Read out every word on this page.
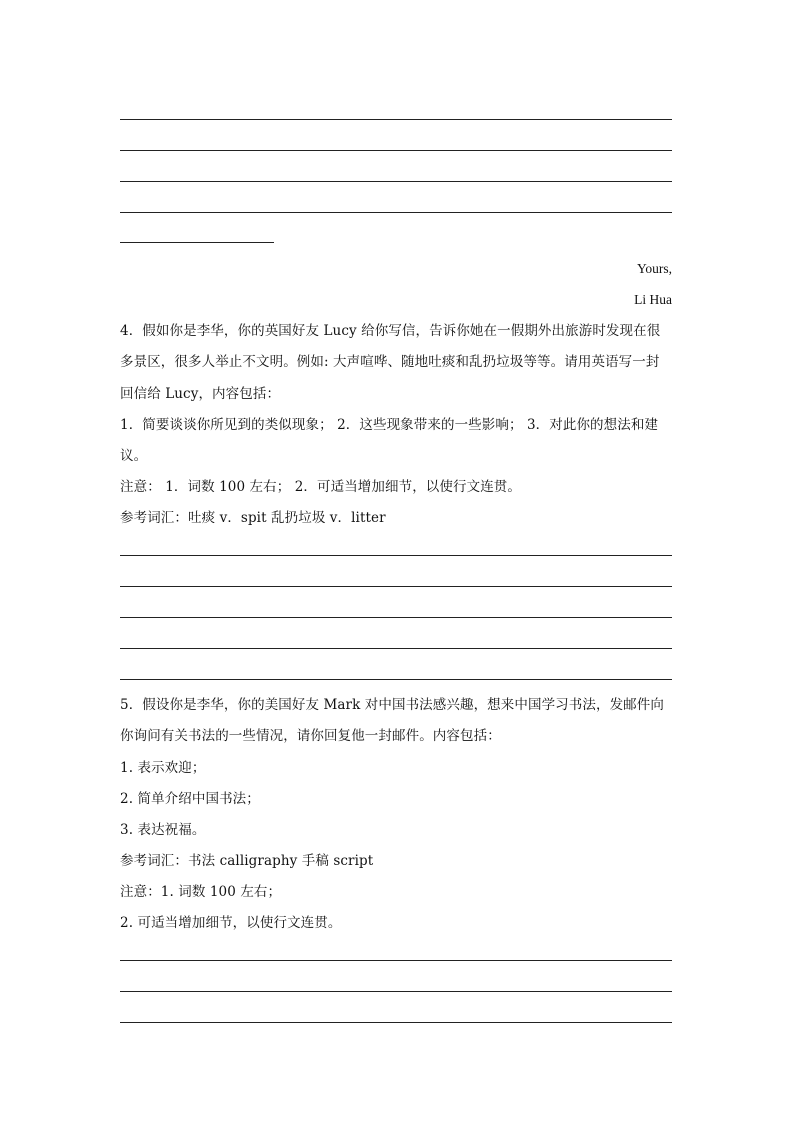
Yours,
Li Hua
4．假如你是李华，你的英国好友 Lucy 给你写信，告诉你她在一假期外出旅游时发现在很
多景区，很多人举止不文明。例如: 大声喧哗、随地吐痰和乱扔垃圾等等。请用英语写一封
回信给 Lucy，内容包括：
1．简要谈谈你所见到的类似现象； 2．这些现象带来的一些影响； 3．对此你的想法和建
议。
注意： 1．词数 100 左右； 2．可适当增加细节，以使行文连贯。
参考词汇：吐痰 v．spit 乱扔垃圾 v．litter
5．假设你是李华，你的美国好友 Mark 对中国书法感兴趣，想来中国学习书法，发邮件向
你询问有关书法的一些情况，请你回复他一封邮件。内容包括：
1. 表示欢迎；
2. 简单介绍中国书法；
3. 表达祝福。
参考词汇：书法 calligraphy 手稿 script
注意：1. 词数 100 左右；
2. 可适当增加细节，以使行文连贯。
